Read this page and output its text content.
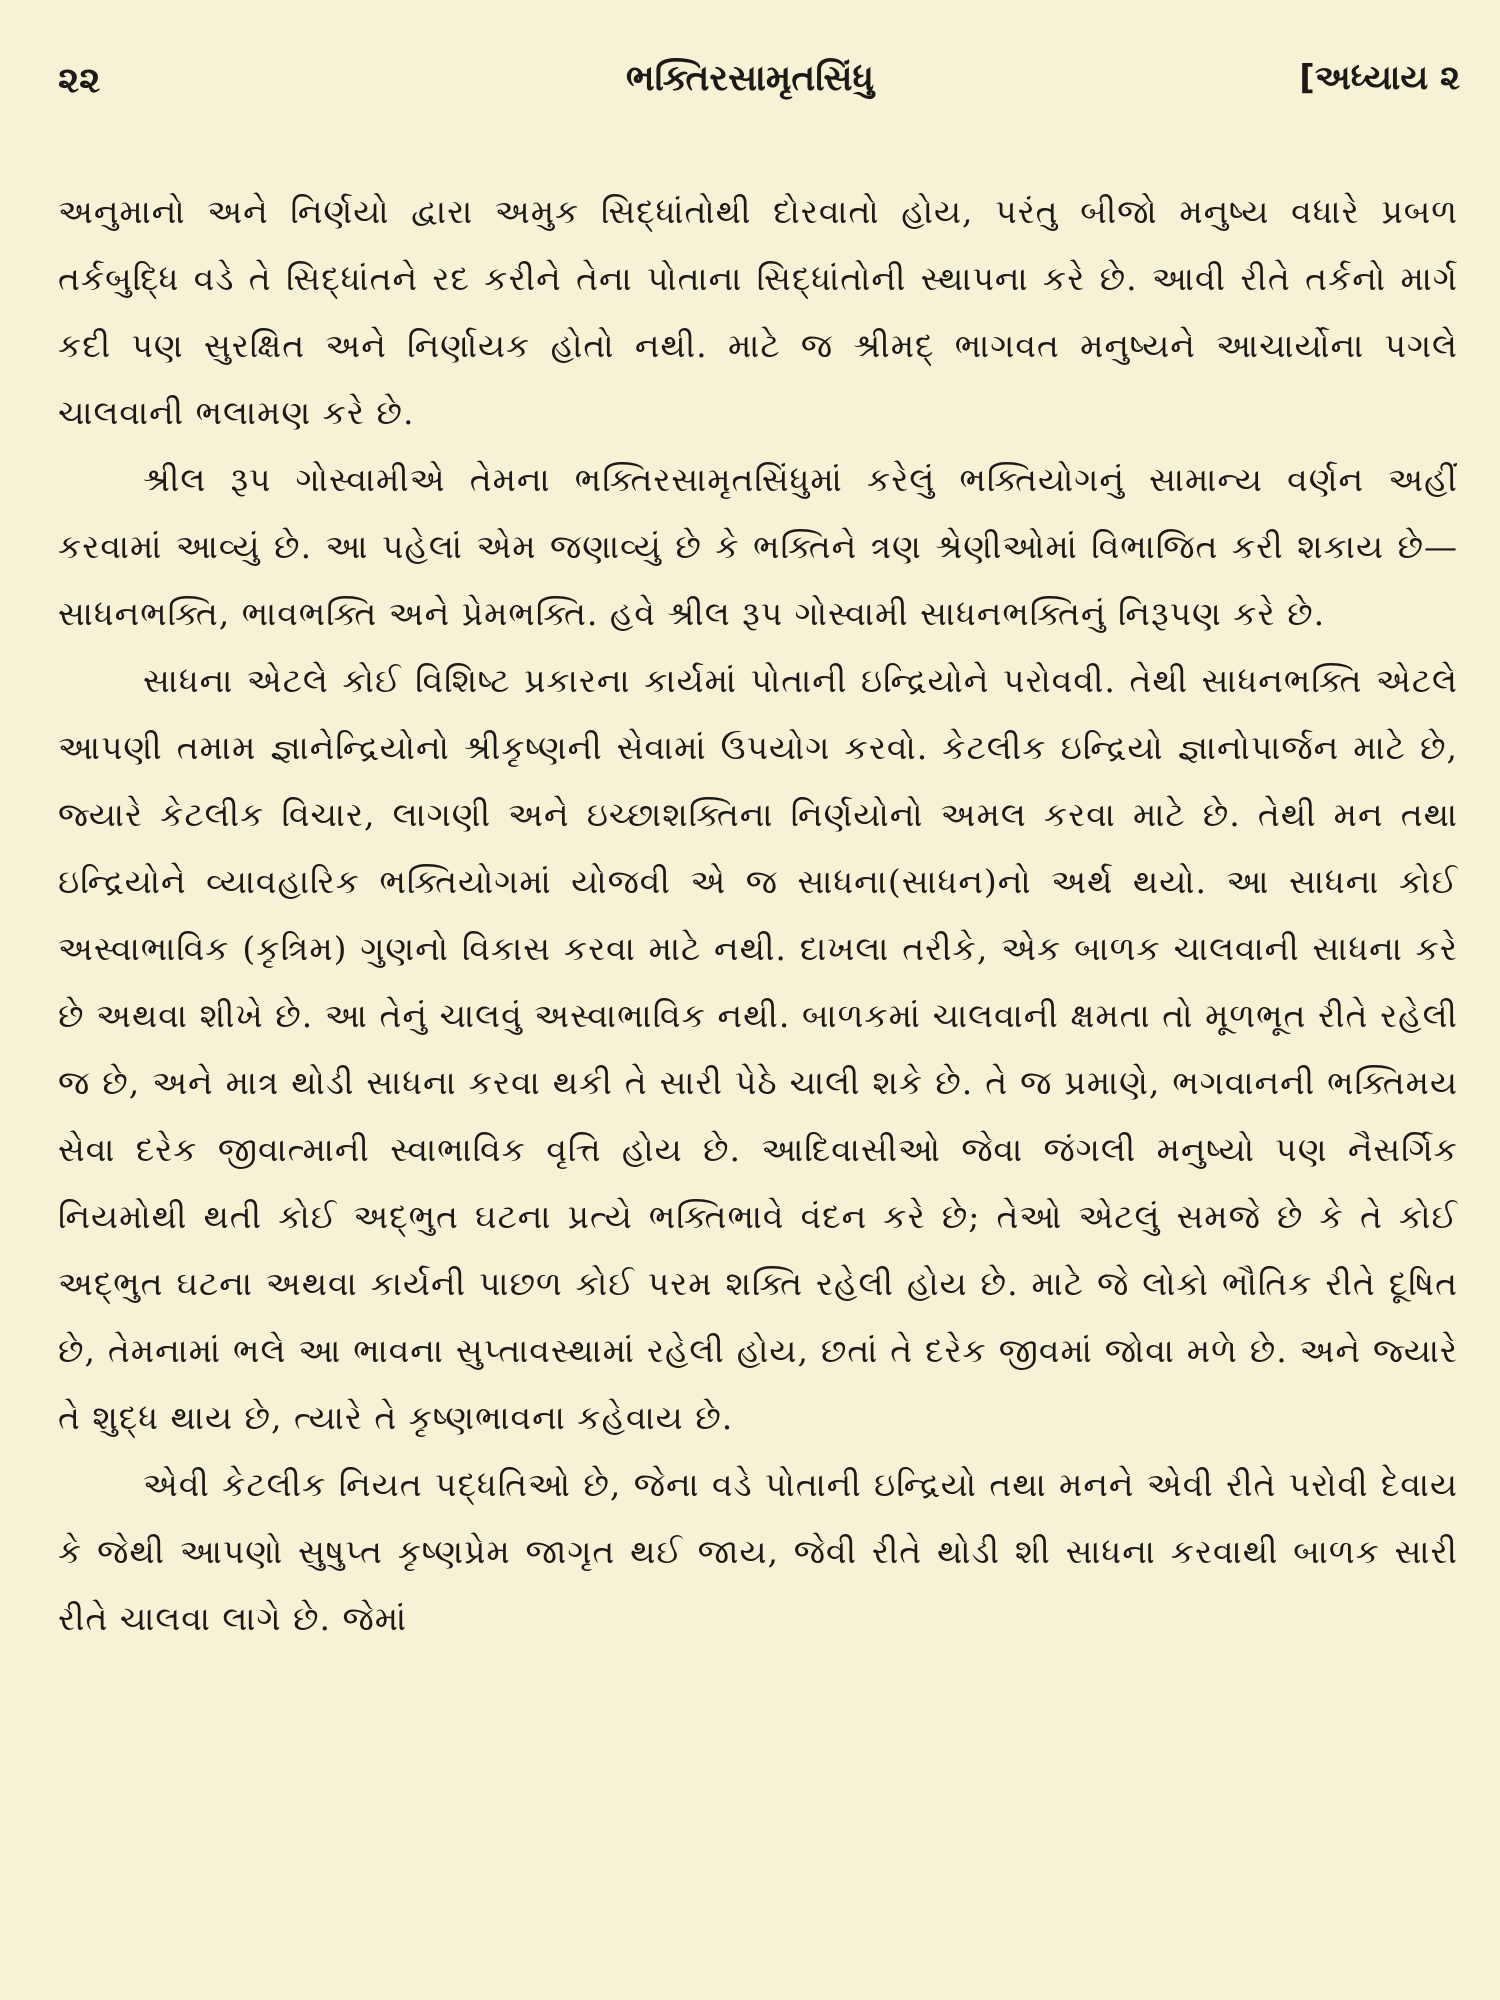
૨૨	ભક્તિરસામૃતસિંધુ	[અધ્યાય ૨

અનુમાનો અને નિર્ણયો દ્વારા અમુક સિદ્ધાંતોથી દોરવાતો હોય, પરંતુ બીજો મનુષ્ય વધારે પ્રબળ તર્કબુદ્ધિ વડે તે સિદ્ધાંતને રદ કરીને તેના પોતાના સિદ્ધાંતોની સ્થાપના કરે છે. આવી રીતે તર્કનો માર્ગ કદી પણ સુરક્ષિત અને નિર્ણાયક હોતો નથી. માટે જ શ્રીમદ્ ભાગવત મનુષ્યને આચાર્યોના પગલે ચાલવાની ભલામણ કરે છે.

શ્રીલ રૂપ ગોસ્વામીએ તેમના ભક્તિરસામૃતસિંધુમાં કરેલું ભક્તિયોગનું સામાન્ય વર્ણન અહીં કરવામાં આવ્યું છે. આ પહેલાં એમ જણાવ્યું છે કે ભક્તિને ત્રણ શ્રેણીઓમાં વિભાજિત કરી શકાય છે—સાધનભક્તિ, ભાવભક્તિ અને પ્રેમભક્તિ. હવે શ્રીલ રૂપ ગોસ્વામી સાધનભક્તિનું નિરૂપણ કરે છે.

સાધના એટલે કોઈ વિશિષ્ટ પ્રકારના કાર્યમાં પોતાની ઇન્દ્રિયોને પરોવવી. તેથી સાધનભક્તિ એટલે આપણી તમામ જ્ઞાનેન્દ્રિયોનો શ્રીકૃષ્ણની સેવામાં ઉપયોગ કરવો. કેટલીક ઇન્દ્રિયો જ્ઞાનોપાર્જન માટે છે, જ્યારે કેટલીક વિચાર, લાગણી અને ઇચ્છાશક્તિના નિર્ણયોનો અમલ કરવા માટે છે. તેથી મન તથા ઇન્દ્રિયોને વ્યાવહારિક ભક્તિયોગમાં યોજવી એ જ સાધના(સાધન)નો અર્થ થયો. આ સાધના કોઈ અસ્વાભાવિક (કૃત્રિમ) ગુણનો વિકાસ કરવા માટે નથી. દાખલા તરીકે, એક બાળક ચાલવાની સાધના કરે છે અથવા શીખે છે. આ તેનું ચાલવું અસ્વાભાવિક નથી. બાળકમાં ચાલવાની ક્ષમતા તો મૂળભૂત રીતે રહેલી જ છે, અને માત્ર થોડી સાધના કરવા થકી તે સારી પેઠે ચાલી શકે છે. તે જ પ્રમાણે, ભગવાનની ભક્તિમય સેવા દરેક જીવાત્માની સ્વાભાવિક વૃત્તિ હોય છે. આદિવાસીઓ જેવા જંગલી મનુષ્યો પણ નૈસર્ગિક નિયમોથી થતી કોઈ અદ્ભુત ઘટના પ્રત્યે ભક્તિભાવે વંદન કરે છે; તેઓ એટલું સમજે છે કે તે કોઈ અદ્ભુત ઘટના અથવા કાર્યની પાછળ કોઈ પરમ શક્તિ રહેલી હોય છે. માટે જે લોકો ભૌતિક રીતે દૂષિત છે, તેમનામાં ભલે આ ભાવના સુપ્તાવસ્થામાં રહેલી હોય, છતાં તે દરેક જીવમાં જોવા મળે છે. અને જ્યારે તે શુદ્ધ થાય છે, ત્યારે તે કૃષ્ણભાવના કહેવાય છે.

એવી કેટલીક નિયત પદ્ધતિઓ છે, જેના વડે પોતાની ઇન્દ્રિયો તથા મનને એવી રીતે પરોવી દેવાય કે જેથી આપણો સુષુપ્ત કૃષ્ણપ્રેમ જાગૃત થઈ જાય, જેવી રીતે થોડી શી સાધના કરવાથી બાળક સારી રીતે ચાલવા લાગે છે. જેમાં
